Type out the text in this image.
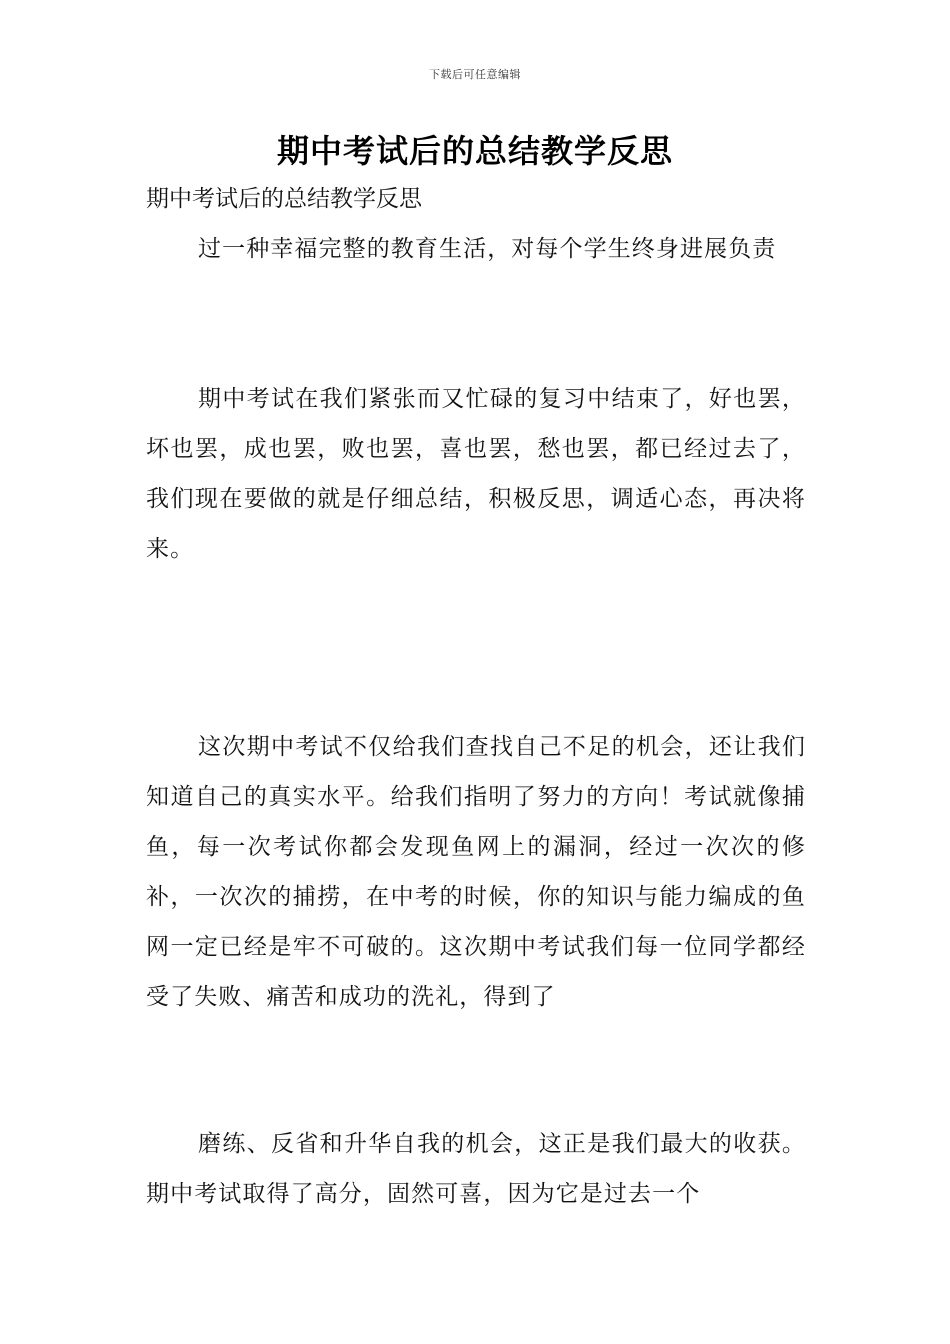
下载后可任意编辑
期中考试后的总结教学反思
期中考试后的总结教学反思

过一种幸福完整的教育生活，对每个学生终身进展负责

期中考试在我们紧张而又忙碌的复习中结束了，好也罢，坏也罢，成也罢，败也罢，喜也罢，愁也罢，都已经过去了，我们现在要做的就是仔细总结，积极反思，调适心态，再决将来。

这次期中考试不仅给我们查找自己不足的机会，还让我们知道自己的真实水平。给我们指明了努力的方向！考试就像捕鱼，每一次考试你都会发现鱼网上的漏洞，经过一次次的修补，一次次的捕捞，在中考的时候，你的知识与能力编成的鱼网一定已经是牢不可破的。这次期中考试我们每一位同学都经受了失败、痛苦和成功的洗礼，得到了

磨练、反省和升华自我的机会，这正是我们最大的收获。期中考试取得了高分，固然可喜，因为它是过去一个
